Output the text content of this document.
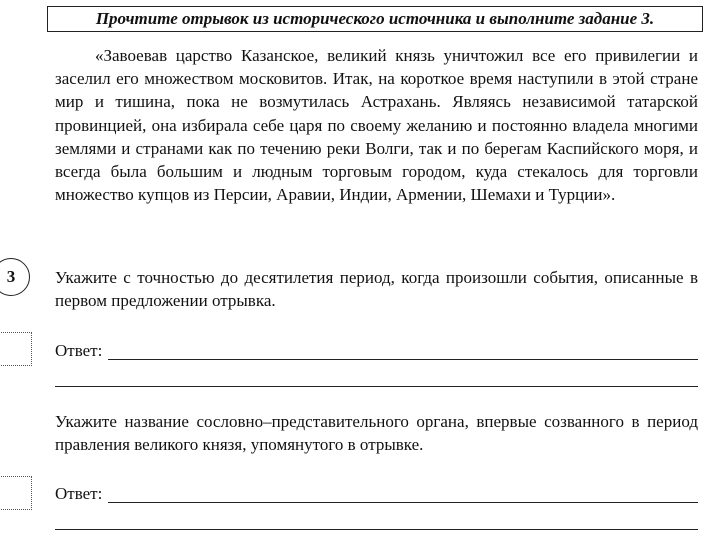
Прочтите отрывок из исторического источника и выполните задание 3.

«Завоевав царство Казанское, великий князь уничтожил все его привилегии и заселил его множеством московитов. Итак, на короткое время наступили в этой стране мир и тишина, пока не возмутилась Астрахань. Являясь независимой татарской провинцией, она избирала себе царя по своему желанию и постоянно владела многими землями и странами как по течению реки Волги, так и по берегам Каспийского моря, и всегда была большим и людным торговым городом, куда стекалось для торговли множество купцов из Персии, Аравии, Индии, Армении, Шемахи и Турции».

3 Укажите с точностью до десятилетия период, когда произошли события, описанные в первом предложении отрывка.

Ответ:

Укажите название сословно–представительного органа, впервые созванного в период правления великого князя, упомянутого в отрывке.

Ответ:
